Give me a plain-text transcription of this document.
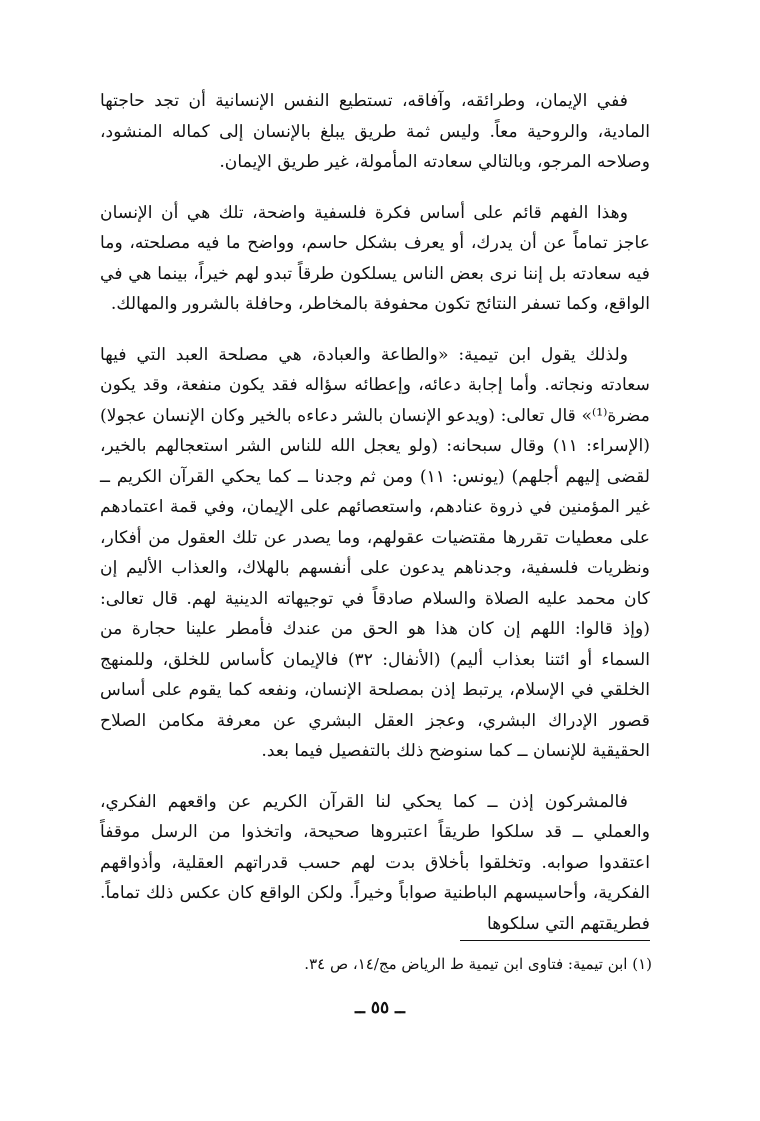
ففي الإيمان، وطرائقه، وآفاقه، تستطيع النفس الإنسانية أن تجد حاجتها المادية، والروحية معاً. وليس ثمة طريق يبلغ بالإنسان إلى كماله المنشود، وصلاحه المرجو، وبالتالي سعادته المأمولة، غير طريق الإيمان.

وهذا الفهم قائم على أساس فكرة فلسفية واضحة، تلك هي أن الإنسان عاجز تماماً عن أن يدرك، أو يعرف بشكل حاسم، وواضح ما فيه مصلحته، وما فيه سعادته بل إننا نرى بعض الناس يسلكون طرقاً تبدو لهم خيراً، بينما هي في الواقع، وكما تسفر النتائج تكون محفوفة بالمخاطر، وحافلة بالشرور والمهالك.

ولذلك يقول ابن تيمية: «والطاعة والعبادة، هي مصلحة العبد التي فيها سعادته ونجاته. وأما إجابة دعائه، وإعطائه سؤاله فقد يكون منفعة، وقد يكون مضرة⁽¹⁾» قال تعالى: (ويدعو الإنسان بالشر دعاءه بالخير وكان الإنسان عجولا) (الإسراء: ١١) وقال سبحانه: (ولو يعجل الله للناس الشر استعجالهم بالخير، لقضى إليهم أجلهم) (يونس: ١١) ومن ثم وجدنا ــ كما يحكي القرآن الكريم ــ غير المؤمنين في ذروة عنادهم، واستعصائهم على الإيمان، وفي قمة اعتمادهم على معطيات تقررها مقتضيات عقولهم، وما يصدر عن تلك العقول من أفكار، ونظريات فلسفية، وجدناهم يدعون على أنفسهم بالهلاك، والعذاب الأليم إن كان محمد عليه الصلاة والسلام صادقاً في توجيهاته الدينية لهم. قال تعالى: (وإذ قالوا: اللهم إن كان هذا هو الحق من عندك فأمطر علينا حجارة من السماء أو ائتنا بعذاب أليم) (الأنفال: ٣٢) فالإيمان كأساس للخلق، وللمنهج الخلقي في الإسلام، يرتبط إذن بمصلحة الإنسان، ونفعه كما يقوم على أساس قصور الإدراك البشري، وعجز العقل البشري عن معرفة مكامن الصلاح الحقيقية للإنسان ــ كما سنوضح ذلك بالتفصيل فيما بعد.

فالمشركون إذن ــ كما يحكي لنا القرآن الكريم عن واقعهم الفكري، والعملي ــ قد سلكوا طريقاً اعتبروها صحيحة، واتخذوا من الرسل موقفاً اعتقدوا صوابه. وتخلقوا بأخلاق بدت لهم حسب قدراتهم العقلية، وأذواقهم الفكرية، وأحاسيسهم الباطنية صواباً وخيراً. ولكن الواقع كان عكس ذلك تماماً. فطريقتهم التي سلكوها

(١) ابن تيمية: فتاوى ابن تيمية ط الرياض مج/١٤، ص ٣٤.
ــ ٥٥ ــ
